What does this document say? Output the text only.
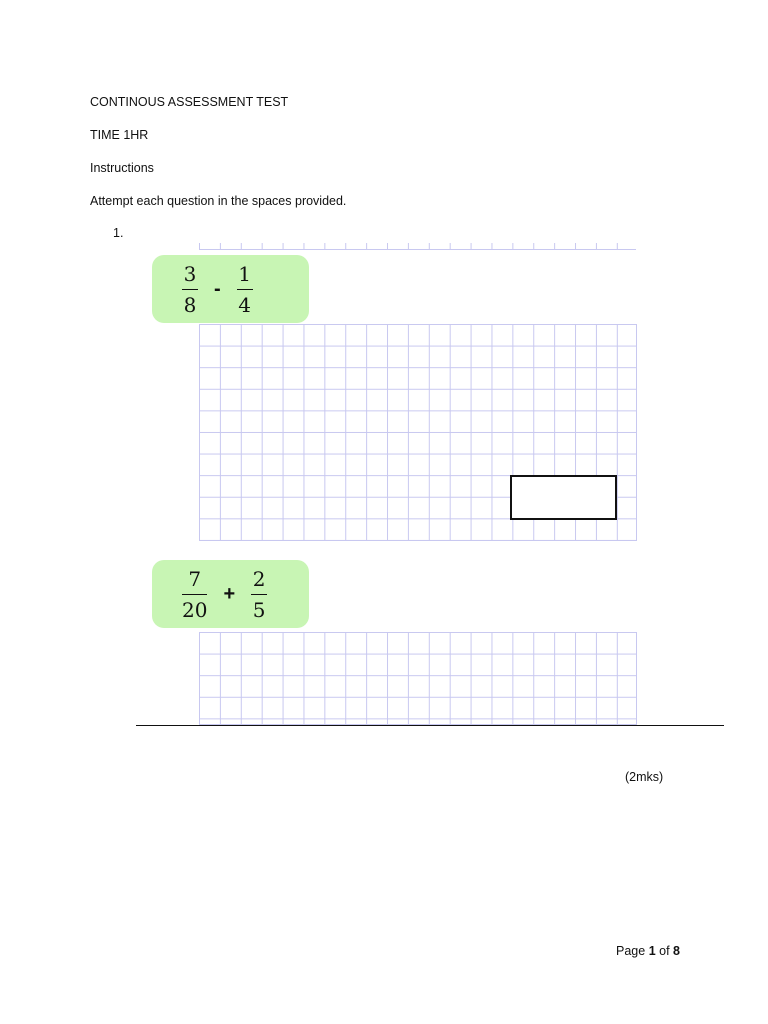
CONTINOUS ASSESSMENT TEST
TIME 1HR
Instructions
Attempt each question in the spaces provided.
1.
$\frac{3}{8} - \frac{1}{4}$
$\frac{7}{20} + \frac{2}{5}$
(2mks)
Page 1 of 8
